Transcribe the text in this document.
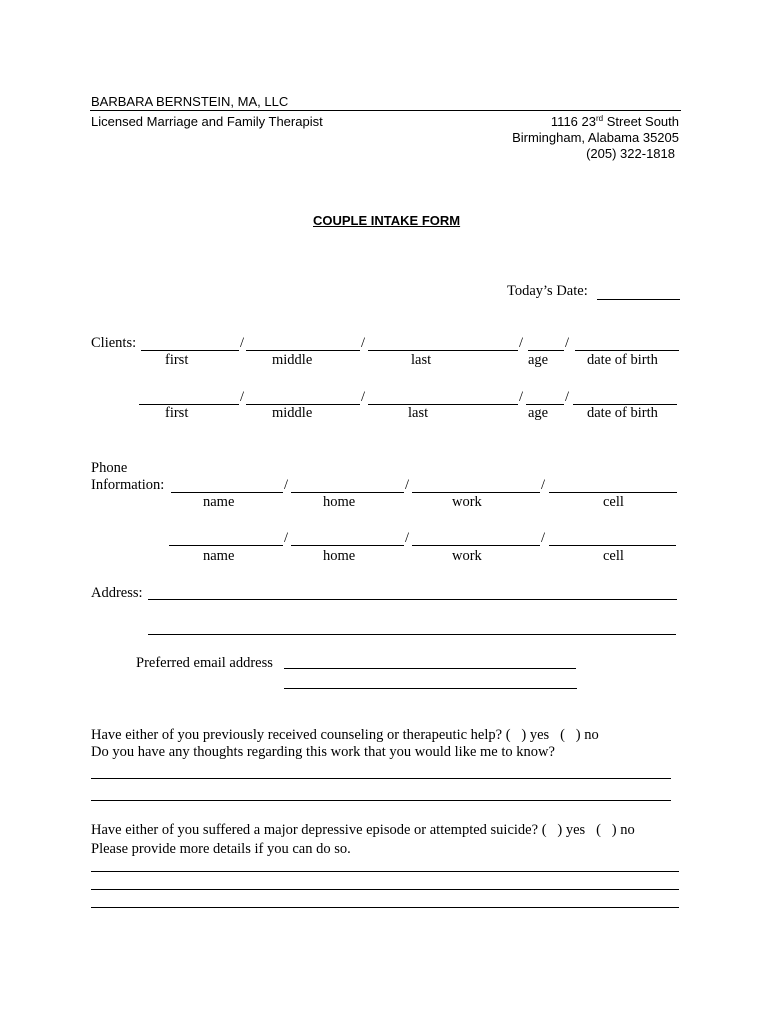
BARBARA BERNSTEIN, MA, LLC
Licensed Marriage and Family Therapist	1116 23rd Street South
Birmingham, Alabama 35205
(205) 322-1818
COUPLE INTAKE FORM
Today’s Date:
Clients:	/	/	/	/
first	middle	last	age	date of birth
/	/	/	/
first	middle	last	age	date of birth
Phone
Information:	/	/	/
name	home	work	cell
/	/	/
name	home	work	cell
Address:
Preferred email address
Have either of you previously received counseling or therapeutic help? (   ) yes (   ) no
Do you have any thoughts regarding this work that you would like me to know?
Have either of you suffered a major depressive episode or attempted suicide? (   ) yes (   ) no
Please provide more details if you can do so.
